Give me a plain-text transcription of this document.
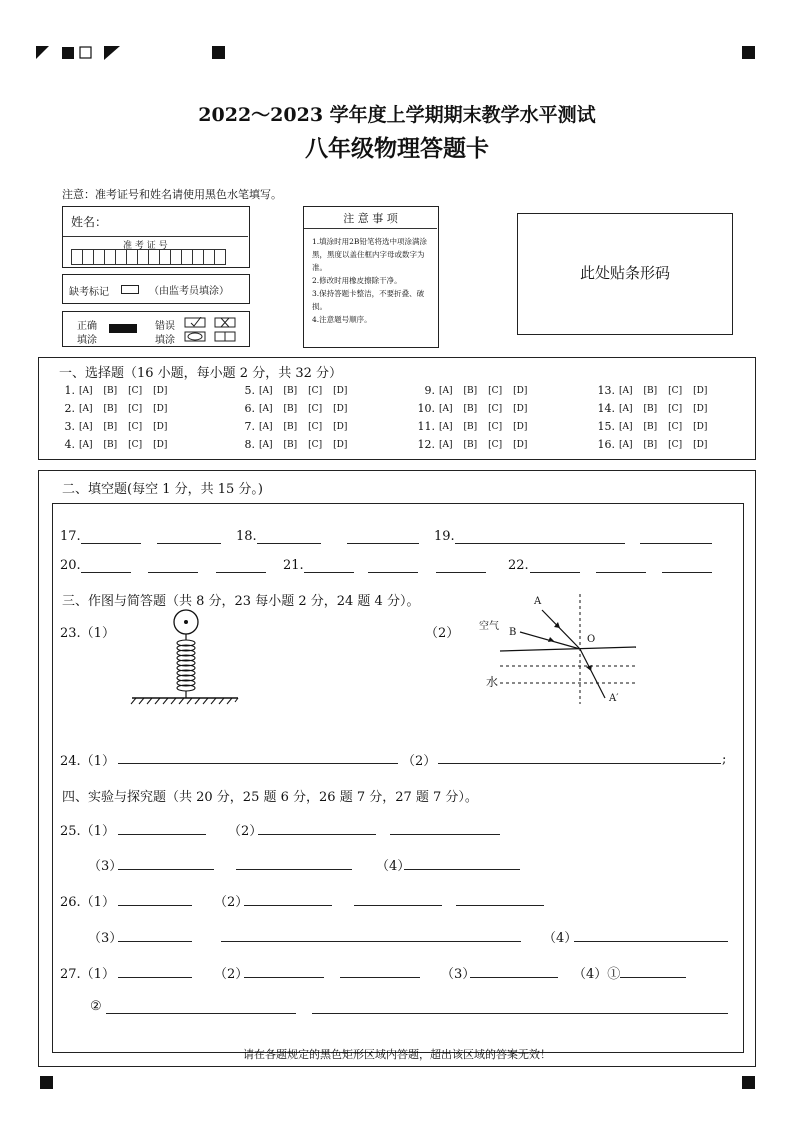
2022～2023 学年度上学期期末教学水平测试
八年级物理答题卡
注意：准考证号和姓名请使用黑色水笔填写。
姓名：
准 考 证 号
缺考标记	（由监考员填涂）
正确
填涂
错误
填涂
注 意 事 项
1.填涂时用2B铅笔将选中项涂满涂黑，黑度以盖住框内字母或数字为准。
2.修改时用橡皮擦除干净。
3.保持答题卡整洁，不要折叠、破损。
4.注意题号顺序。
此处贴条形码
一、选择题（16 小题，每小题 2 分，共 32 分）
1. [A] [B] [C] [D]
2. [A] [B] [C] [D]
3. [A] [B] [C] [D]
4. [A] [B] [C] [D]
5. [A] [B] [C] [D]
6. [A] [B] [C] [D]
7. [A] [B] [C] [D]
8. [A] [B] [C] [D]
9. [A] [B] [C] [D]
10. [A] [B] [C] [D]
11. [A] [B] [C] [D]
12. [A] [B] [C] [D]
13. [A] [B] [C] [D]
14. [A] [B] [C] [D]
15. [A] [B] [C] [D]
16. [A] [B] [C] [D]
二、填空题(每空 1 分，共 15 分。)
17.	18.	19.
20.	21.	22.
三、作图与简答题（共 8 分，23 每小题 2 分，24 题 4 分）。
23.（1）	（2） 空气
水
A
B
O
A′
24.（1）	（2）	;
四、实验与探究题（共 20 分，25 题 6 分，26 题 7 分，27 题 7 分）。
25.（1）	（2）
（3）	（4）
26.（1）	（2）
（3）	（4）
27.（1）	（2）	（3）	（4）①
②
请在各题规定的黑色矩形区域内答题，超出该区域的答案无效！
